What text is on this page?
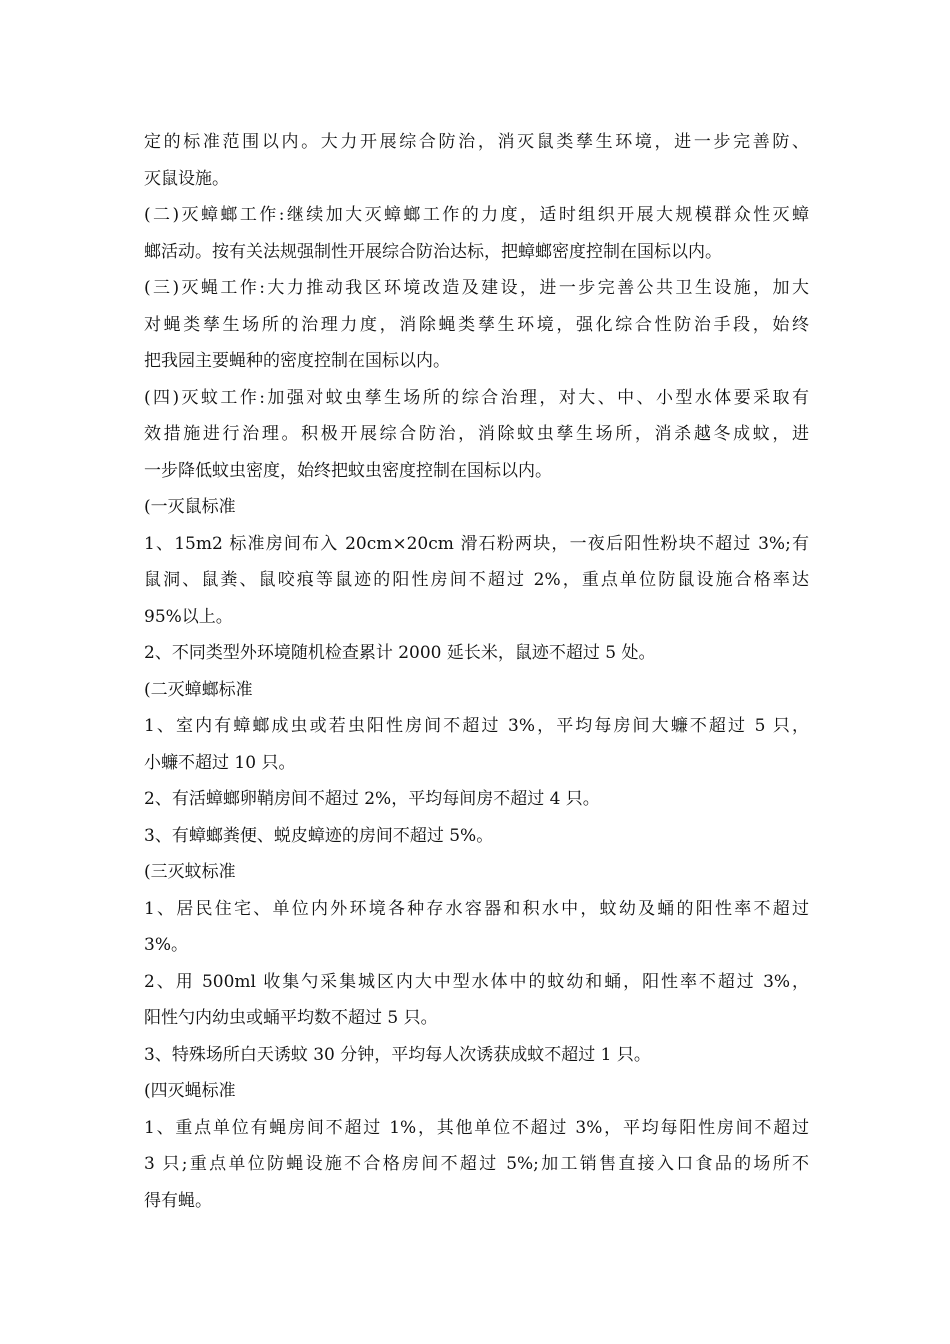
定的标准范围以内。大力开展综合防治，消灭鼠类孳生环境，进一步完善防、
灭鼠设施。
(二)灭蟑螂工作:继续加大灭蟑螂工作的力度，适时组织开展大规模群众性灭蟑
螂活动。按有关法规强制性开展综合防治达标，把蟑螂密度控制在国标以内。
(三)灭蝇工作:大力推动我区环境改造及建设，进一步完善公共卫生设施，加大
对蝇类孳生场所的治理力度，消除蝇类孳生环境，强化综合性防治手段，始终
把我园主要蝇种的密度控制在国标以内。
(四)灭蚊工作:加强对蚊虫孳生场所的综合治理，对大、中、小型水体要采取有
效措施进行治理。积极开展综合防治，消除蚊虫孳生场所，消杀越冬成蚊，进
一步降低蚊虫密度，始终把蚊虫密度控制在国标以内。
(一灭鼠标准
1、15m2 标准房间布入 20cm×20cm 滑石粉两块，一夜后阳性粉块不超过 3%;有
鼠洞、鼠粪、鼠咬痕等鼠迹的阳性房间不超过 2%，重点单位防鼠设施合格率达
95%以上。
2、不同类型外环境随机检查累计 2000 延长米，鼠迹不超过 5 处。
(二灭蟑螂标准
1、室内有蟑螂成虫或若虫阳性房间不超过 3%，平均每房间大蠊不超过 5 只，
小蠊不超过 10 只。
2、有活蟑螂卵鞘房间不超过 2%，平均每间房不超过 4 只。
3、有蟑螂粪便、蜕皮蟑迹的房间不超过 5%。
(三灭蚊标准
1、居民住宅、单位内外环境各种存水容器和积水中，蚊幼及蛹的阳性率不超过
3%。
2、用 500ml 收集勺采集城区内大中型水体中的蚊幼和蛹，阳性率不超过 3%，
阳性勺内幼虫或蛹平均数不超过 5 只。
3、特殊场所白天诱蚊 30 分钟，平均每人次诱获成蚊不超过 1 只。
(四灭蝇标准
1、重点单位有蝇房间不超过 1%，其他单位不超过 3%，平均每阳性房间不超过
3 只;重点单位防蝇设施不合格房间不超过 5%;加工销售直接入口食品的场所不
得有蝇。
